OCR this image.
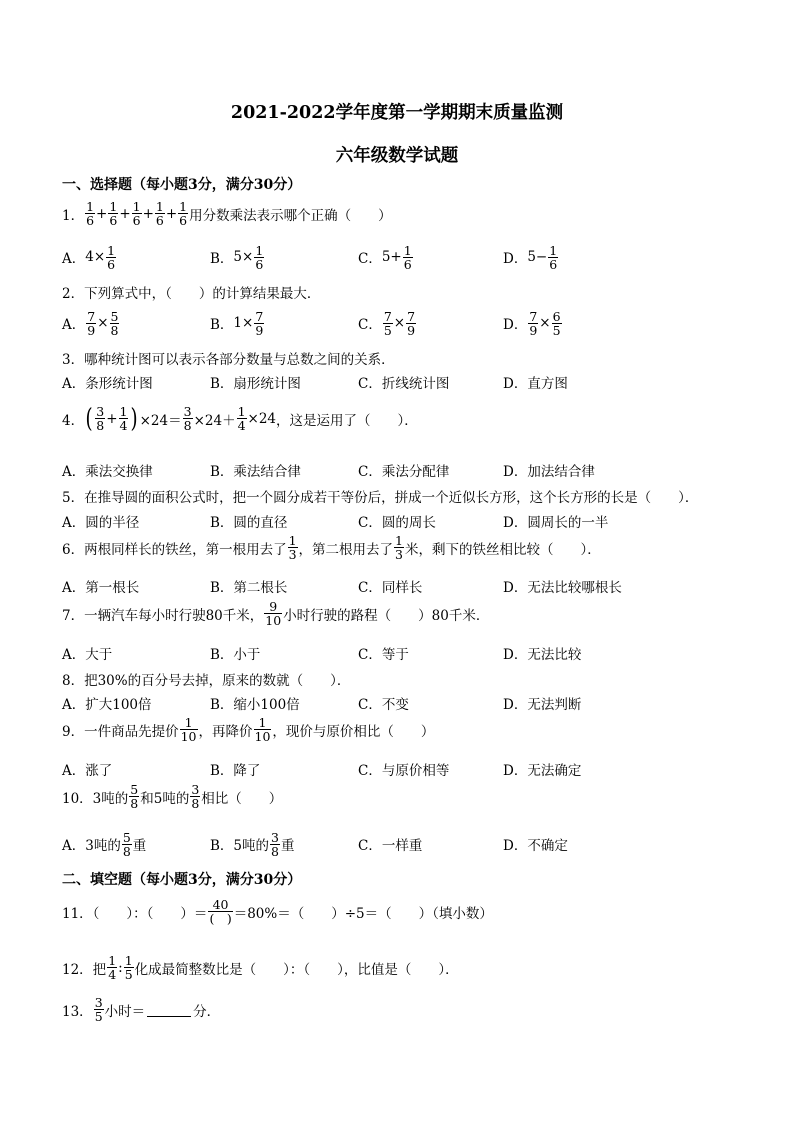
2021-2022学年度第一学期期末质量监测
六年级数学试题
一、选择题（每小题3分，满分30分）
1． $\frac{1}{6} + \frac{1}{6} + \frac{1}{6} + \frac{1}{6} + \frac{1}{6}$ 用分数乘法表示哪个正确（　　）
A． $4\times \frac{1}{6}$	B． $5\times \frac{1}{6}$	C． $5+ \frac{1}{6}$	D． $5- \frac{1}{6}$
2．下列算式中，（　　）的计算结果最大．
A． $\frac{7}{9} \times \frac{5}{8}$	B． $1\times \frac{7}{9}$	C． $\frac{7}{5} \times \frac{7}{9}$	D． $\frac{7}{9} \times \frac{6}{5}$
3．哪种统计图可以表示各部分数量与总数之间的关系．
A．条形统计图	B．扇形统计图	C．折线统计图	D．直方图
4． ( $\frac{3}{8} + \frac{1}{4}$ ) $\times 24= \frac{3}{8} \times 24+ \frac{1}{4} \times 24$ ，这是运用了（　　）．
A．乘法交换律	B．乘法结合律	C．乘法分配律	D．加法结合律
5．在推导圆的面积公式时，把一个圆分成若干等份后，拼成一个近似长方形，这个长方形的长是（　　）．
A．圆的半径	B．圆的直径	C．圆的周长	D．圆周长的一半
6．两根同样长的铁丝，第一根用去了 $\frac{1}{3}$ ，第二根用去了 $\frac{1}{3}$ 米，剩下的铁丝相比较（　　）．
A．第一根长	B．第二根长	C．同样长	D．无法比较哪根长
7．一辆汽车每小时行驶80千米， $\frac{9}{10}$ 小时行驶的路程（　　）80千米．
A．大于	B．小于	C．等于	D．无法比较
8．把30%的百分号去掉，原来的数就（　　）．
A．扩大100倍	B．缩小100倍	C．不变	D．无法判断
9．一件商品先提价 $\frac{1}{10}$ ，再降价 $\frac{1}{10}$ ，现价与原价相比（　　）
A．涨了	B．降了	C．与原价相等	D．无法确定
10．3吨的 $\frac{5}{8}$ 和5吨的 $\frac{3}{8}$ 相比（　　）
A．3吨的 $\frac{5}{8}$ 重	B．5吨的 $\frac{3}{8}$ 重	C．一样重	D．不确定
二、填空题（每小题3分，满分30分）
11．（　　）：（　　）＝ $\frac{40}{( )} =80\%=$（　　）÷5＝（　　）（填小数）
12．把 $\frac{1}{4}$ : $\frac{1}{5}$ 化成最简整数比是（　　）：（　　），比值是（　　）．
13． $\frac{3}{5}$ 小时＝	分．
